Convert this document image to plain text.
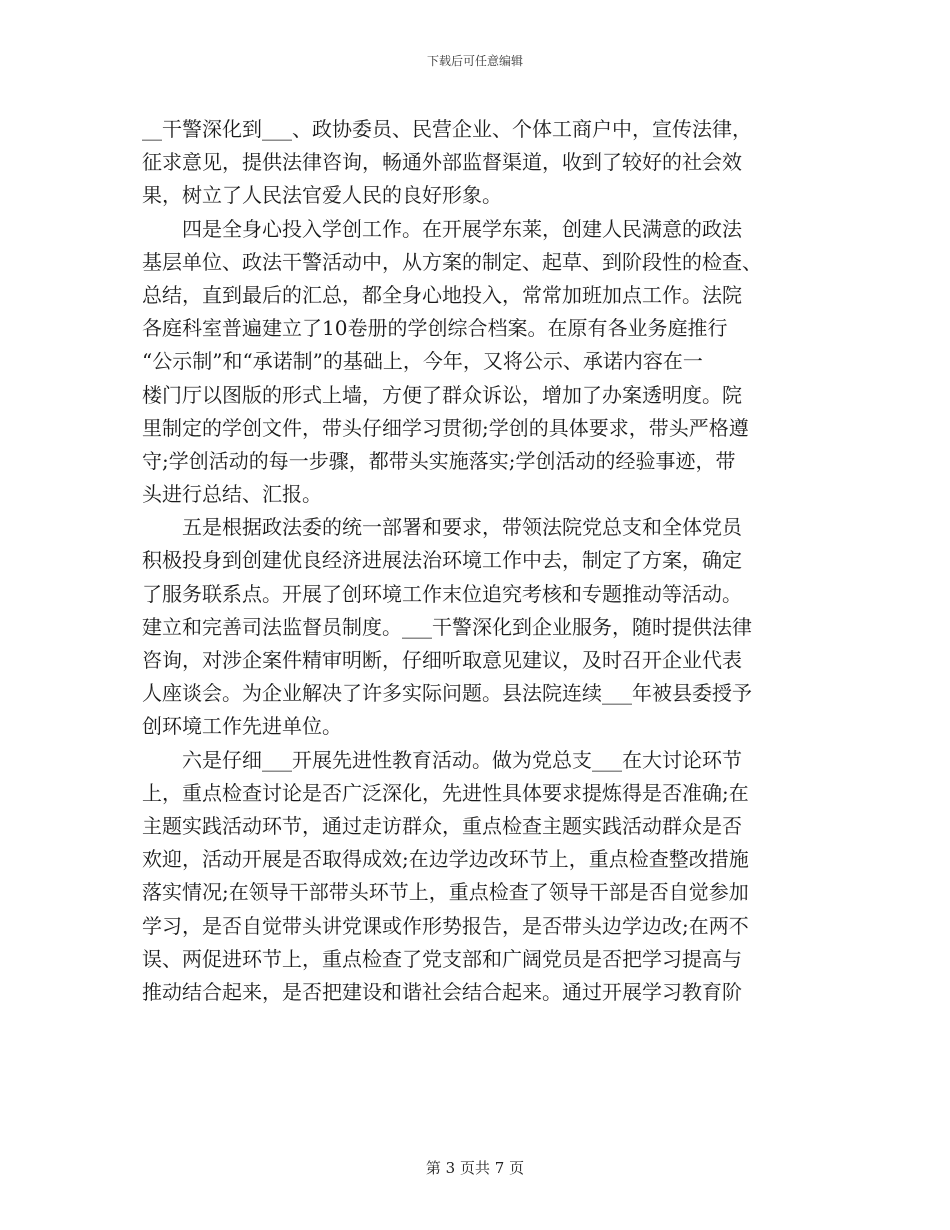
下载后可任意编辑
__干警深化到___、政协委员、民营企业、个体工商户中，宣传法律，
征求意见，提供法律咨询，畅通外部监督渠道，收到了较好的社会效
果，树立了人民法官爱人民的良好形象。
四是全身心投入学创工作。在开展学东莱，创建人民满意的政法
基层单位、政法干警活动中，从方案的制定、起草、到阶段性的检查、
总结，直到最后的汇总，都全身心地投入，常常加班加点工作。法院
各庭科室普遍建立了10卷册的学创综合档案。在原有各业务庭推行
“公示制”和“承诺制”的基础上，今年，又将公示、承诺内容在一
楼门厅以图版的形式上墙，方便了群众诉讼，增加了办案透明度。院
里制定的学创文件，带头仔细学习贯彻;学创的具体要求，带头严格遵
守;学创活动的每一步骤，都带头实施落实;学创活动的经验事迹，带
头进行总结、汇报。
五是根据政法委的统一部署和要求，带领法院党总支和全体党员
积极投身到创建优良经济进展法治环境工作中去，制定了方案，确定
了服务联系点。开展了创环境工作末位追究考核和专题推动等活动。
建立和完善司法监督员制度。___干警深化到企业服务，随时提供法律
咨询，对涉企案件精审明断，仔细听取意见建议，及时召开企业代表
人座谈会。为企业解决了许多实际问题。县法院连续___年被县委授予
创环境工作先进单位。
六是仔细___开展先进性教育活动。做为党总支___在大讨论环节
上，重点检查讨论是否广泛深化，先进性具体要求提炼得是否准确;在
主题实践活动环节，通过走访群众，重点检查主题实践活动群众是否
欢迎，活动开展是否取得成效;在边学边改环节上，重点检查整改措施
落实情况;在领导干部带头环节上，重点检查了领导干部是否自觉参加
学习，是否自觉带头讲党课或作形势报告，是否带头边学边改;在两不
误、两促进环节上，重点检查了党支部和广阔党员是否把学习提高与
推动结合起来，是否把建设和谐社会结合起来。通过开展学习教育阶
第 3 页共 7 页
